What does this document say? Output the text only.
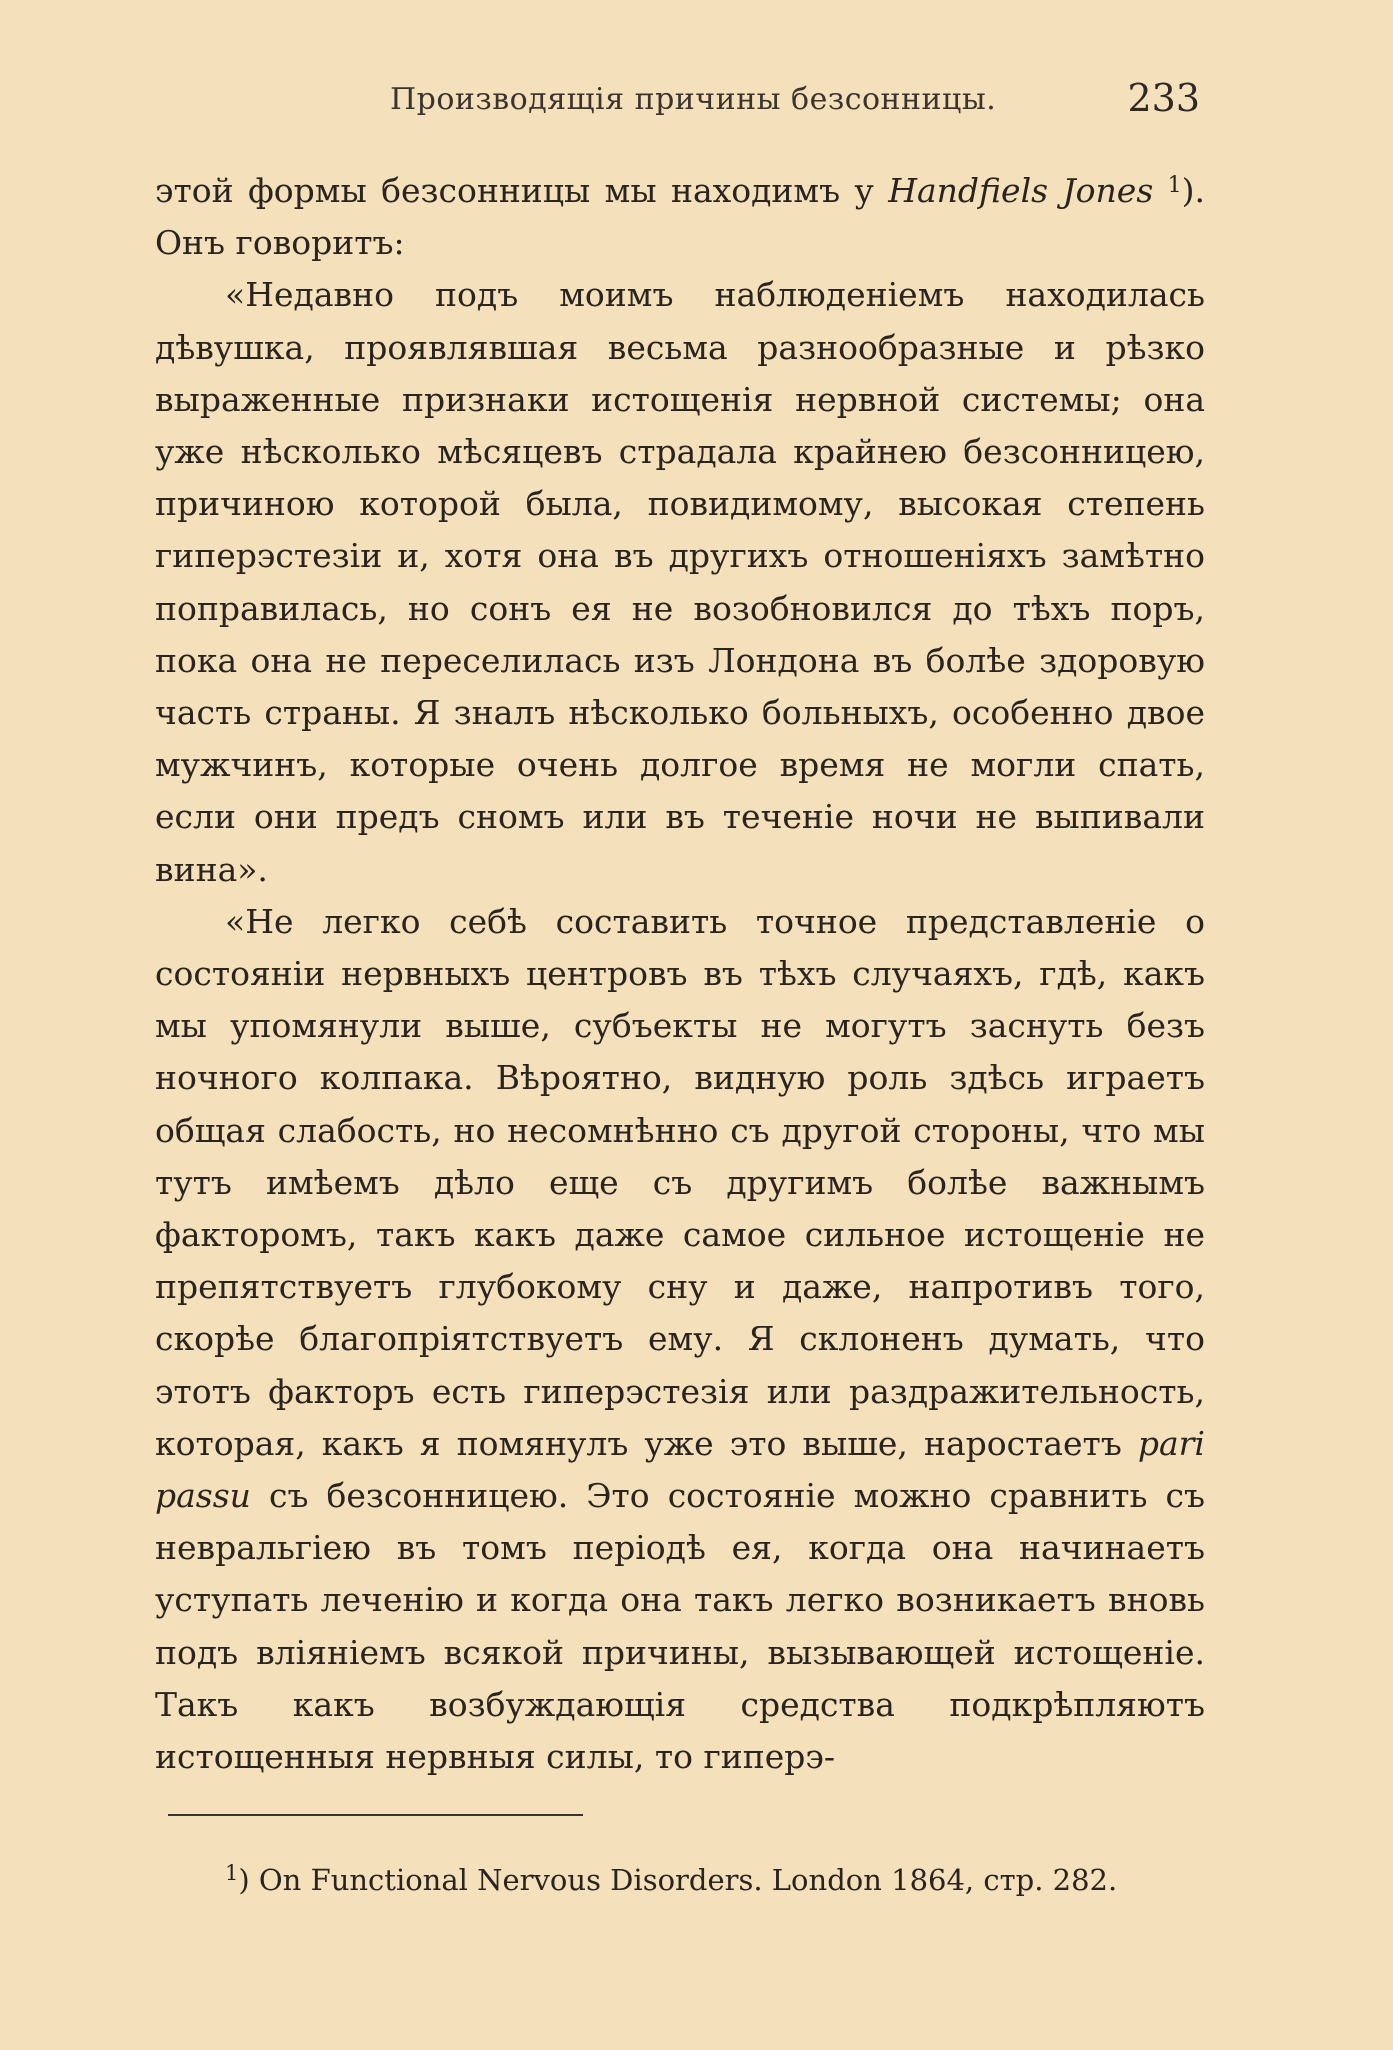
Производящія причины безсонницы.	233

этой формы безсонницы мы находимъ у Handfiels Jones $^1$). Онъ говоритъ:

«Недавно подъ моимъ наблюденіемъ находилась дѣвушка, проявлявшая весьма разнообразные и рѣзко выраженные признаки истощенія нервной системы; она уже нѣсколько мѣсяцевъ страдала крайнею безсонницею, причиною которой была, повидимому, высокая степень гиперэстезіи и, хотя она въ другихъ отношеніяхъ замѣтно поправилась, но сонъ ея не возобновился до тѣхъ поръ, пока она не переселилась изъ Лондона въ болѣе здоровую часть страны. Я зналъ нѣсколько больныхъ, особенно двое мужчинъ, которые очень долгое время не могли спать, если они предъ сномъ или въ теченіе ночи не выпивали вина».

«Не легко себѣ составить точное представленіе о состояніи нервныхъ центровъ въ тѣхъ случаяхъ, гдѣ, какъ мы упомянули выше, субъекты не могутъ заснуть безъ ночного колпака. Вѣроятно, видную роль здѣсь играетъ общая слабость, но несомнѣнно съ другой стороны, что мы тутъ имѣемъ дѣло еще съ другимъ болѣе важнымъ факторомъ, такъ какъ даже самое сильное истощеніе не препятствуетъ глубокому сну и даже, напротивъ того, скорѣе благопріятствуетъ ему. Я склоненъ думать, что этотъ факторъ есть гиперэстезія или раздражительность, которая, какъ я помянулъ уже это выше, наростаетъ pari passu съ безсонницею. Это состояніе можно сравнить съ невральгіею въ томъ періодѣ ея, когда она начинаетъ уступать леченію и когда она такъ легко возникаетъ вновь подъ вліяніемъ всякой причины, вызывающей истощеніе. Такъ какъ возбуждающія средства подкрѣпляютъ истощенныя нервныя силы, то гиперэ-

$^1$) On Functional Nervous Disorders. London 1864, стр. 282.
